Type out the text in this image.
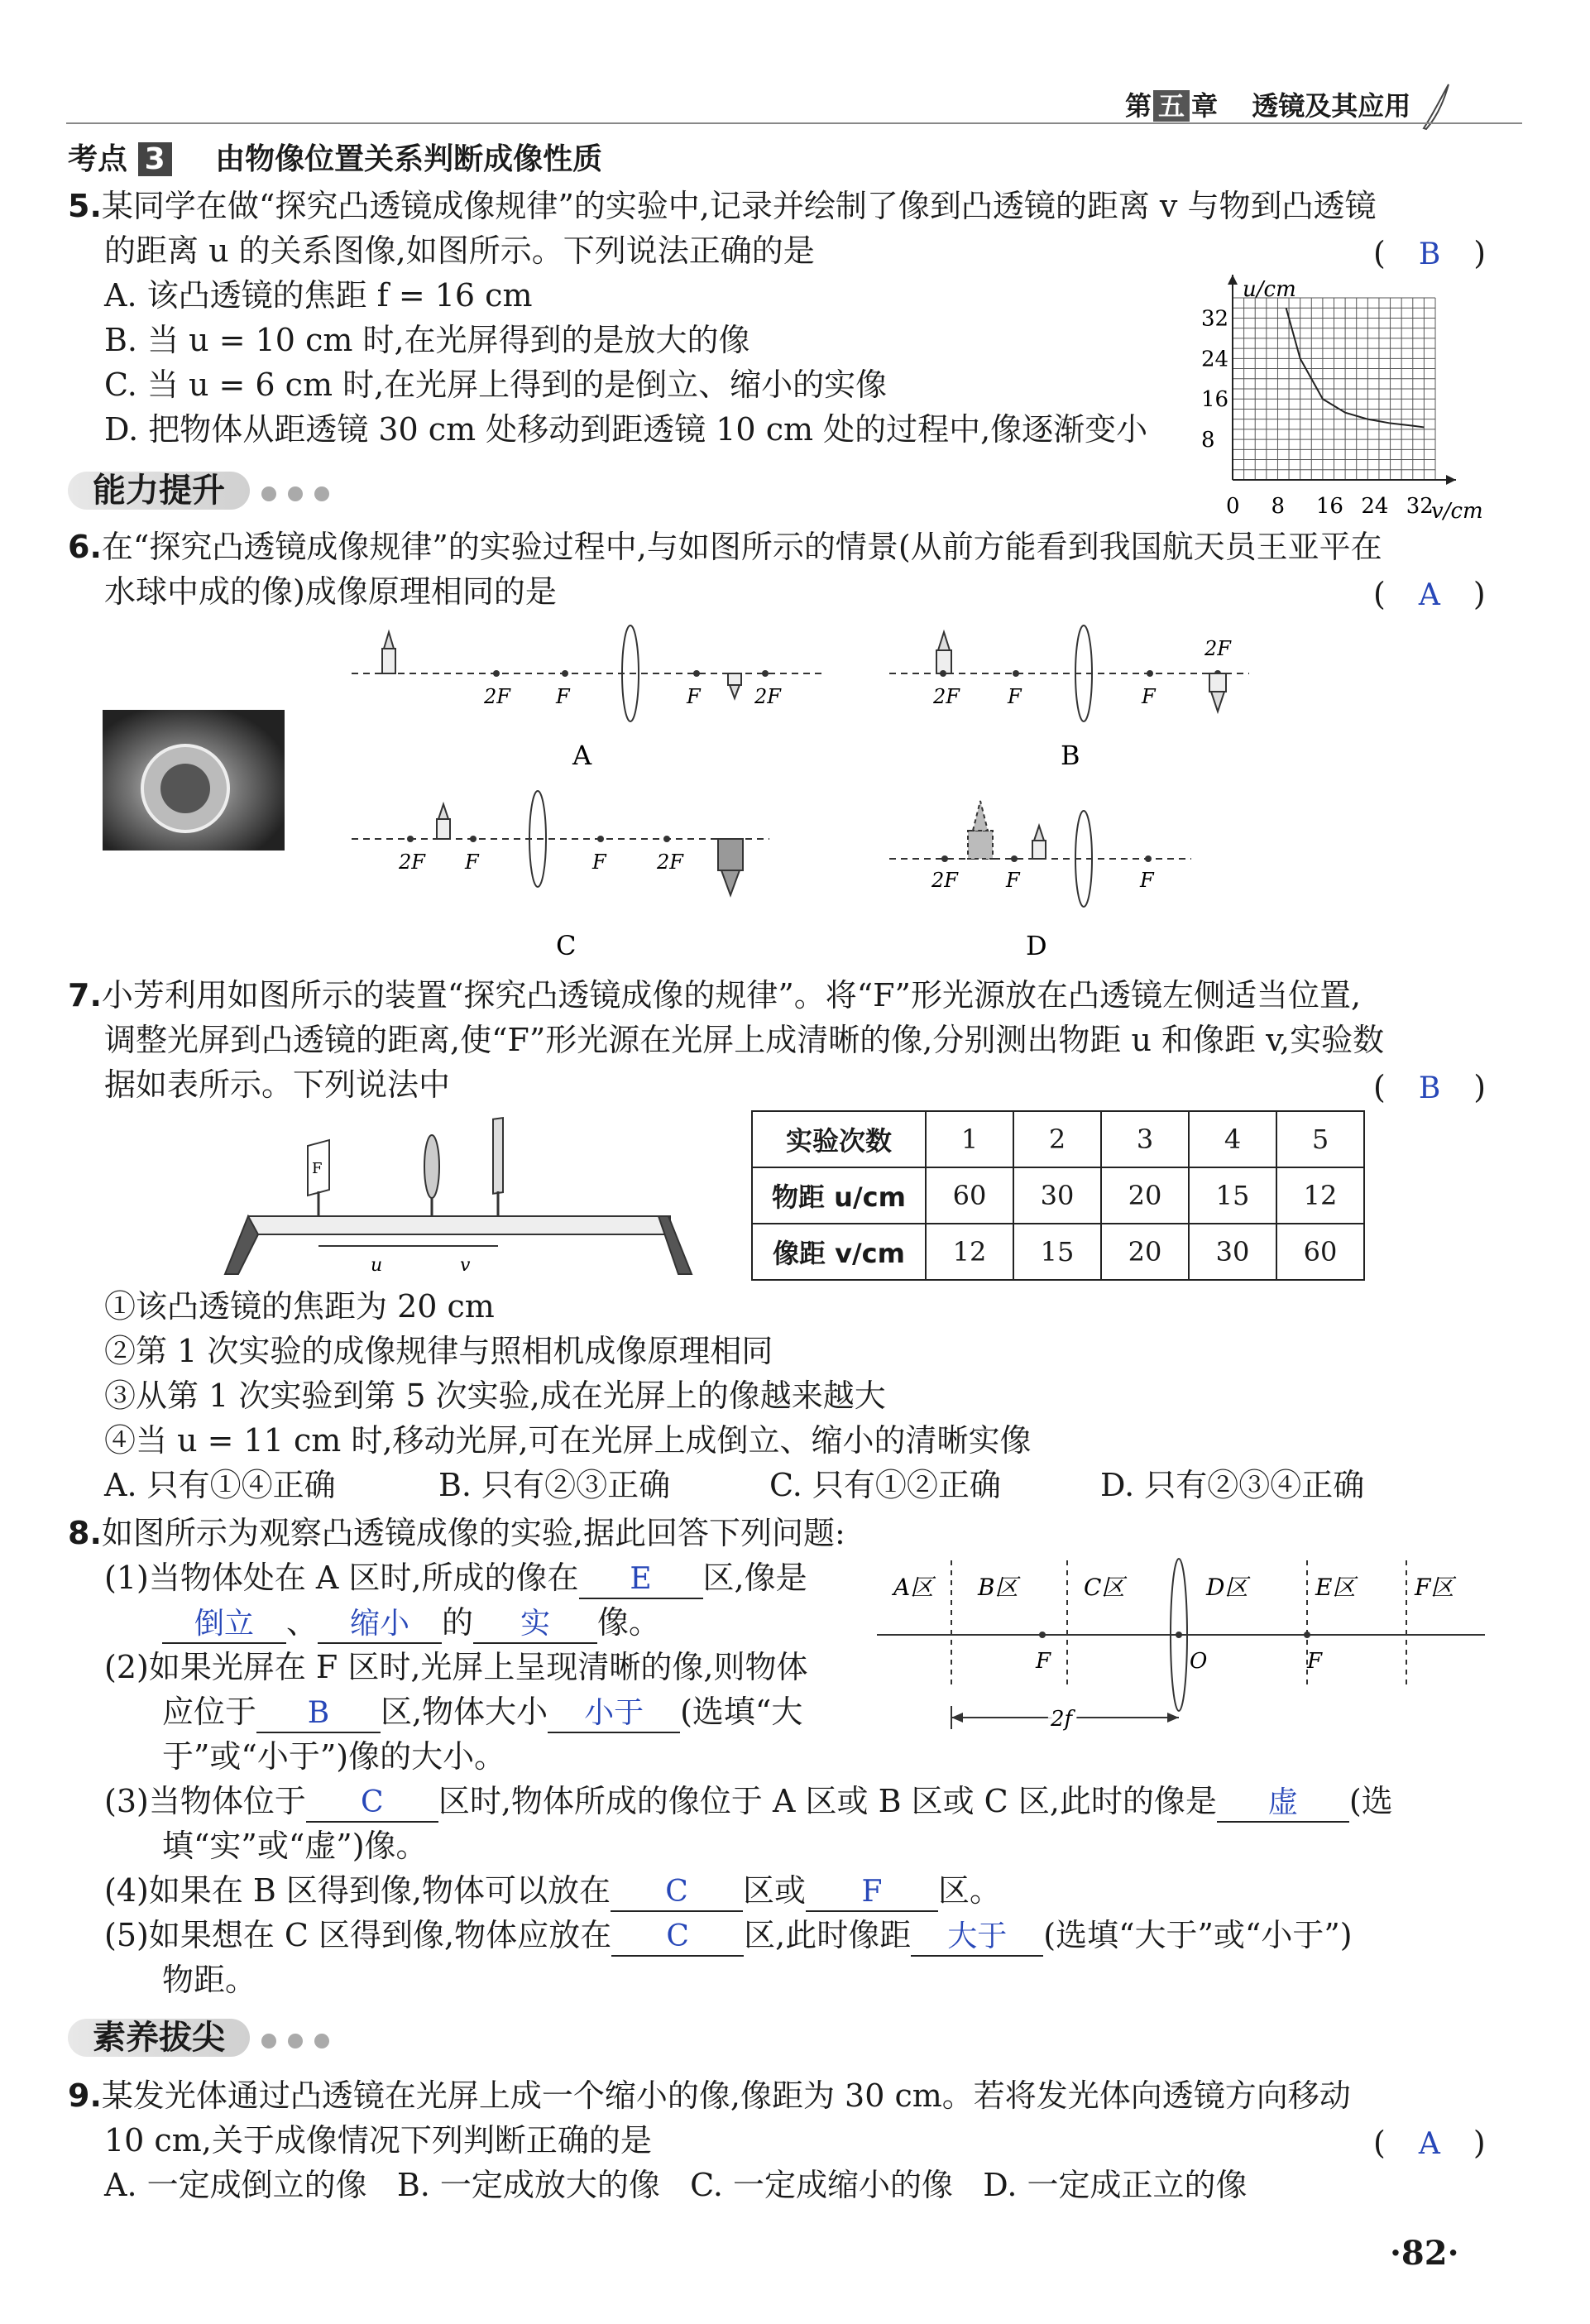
第 五 章 透镜及其应用
考点 3 由物像位置关系判断成像性质
5.某同学在做“探究凸透镜成像规律”的实验中,记录并绘制了像到凸透镜的距离 v 与物到凸透镜
的距离 u 的关系图像,如图所示。下列说法正确的是	( B )
A. 该凸透镜的焦距 f = 16 cm
B. 当 u = 10 cm 时,在光屏得到的是放大的像
C. 当 u = 6 cm 时,在光屏上得到的是倒立、缩小的实像
D. 把物体从距透镜 30 cm 处移动到距透镜 10 cm 处的过程中,像逐渐变小
u/cm
v/cm
32
24
16
8
0 8 16 24 32
能力提升
6.在“探究凸透镜成像规律”的实验过程中,与如图所示的情景(从前方能看到我国航天员王亚平在
水球中成的像)成像原理相同的是	( A )
2F F	F	2F
A
2F F	F
2F
B
2F F	F	2F
C
2F F	F
D
7.小芳利用如图所示的装置“探究凸透镜成像的规律”。将“F”形光源放在凸透镜左侧适当位置,
调整光屏到凸透镜的距离,使“F”形光源在光屏上成清晰的像,分别测出物距 u 和像距 v,实验数
据如表所示。下列说法中	( B )
F
u	v
实验次数	1	2	3	4	5
物距 u/cm	60	30	20	15	12
像距 v/cm	12	15	20	30	60
①该凸透镜的焦距为 20 cm
②第 1 次实验的成像规律与照相机成像原理相同
③从第 1 次实验到第 5 次实验,成在光屏上的像越来越大
④当 u = 11 cm 时,移动光屏,可在光屏上成倒立、缩小的清晰实像
A. 只有①④正确	B. 只有②③正确	C. 只有①②正确	D. 只有②③④正确
8.如图所示为观察凸透镜成像的实验,据此回答下列问题:
(1)当物体处在 A 区时,所成的像在 E 区,像是
倒立 、 缩小 的 实 像。
(2)如果光屏在 F 区时,光屏上呈现清晰的像,则物体
应位于 B 区,物体大小 小于 (选填“大
于”或“小于”)像的大小。
F	O	F
2f
A区 B区	C区	D区	E区	F区
(3)当物体位于 C 区时,物体所成的像位于 A 区或 B 区或 C 区,此时的像是 虚 (选
填“实”或“虚”)像。
(4)如果在 B 区得到像,物体可以放在 C 区或 F 区。
(5)如果想在 C 区得到像,物体应放在 C 区,此时像距 大于 (选填“大于”或“小于”)
物距。
素养拔尖
9.某发光体通过凸透镜在光屏上成一个缩小的像,像距为 30 cm。若将发光体向透镜方向移动
10 cm,关于成像情况下列判断正确的是	( A )
A. 一定成倒立的像   B. 一定成放大的像   C. 一定成缩小的像   D. 一定成正立的像
·82·
